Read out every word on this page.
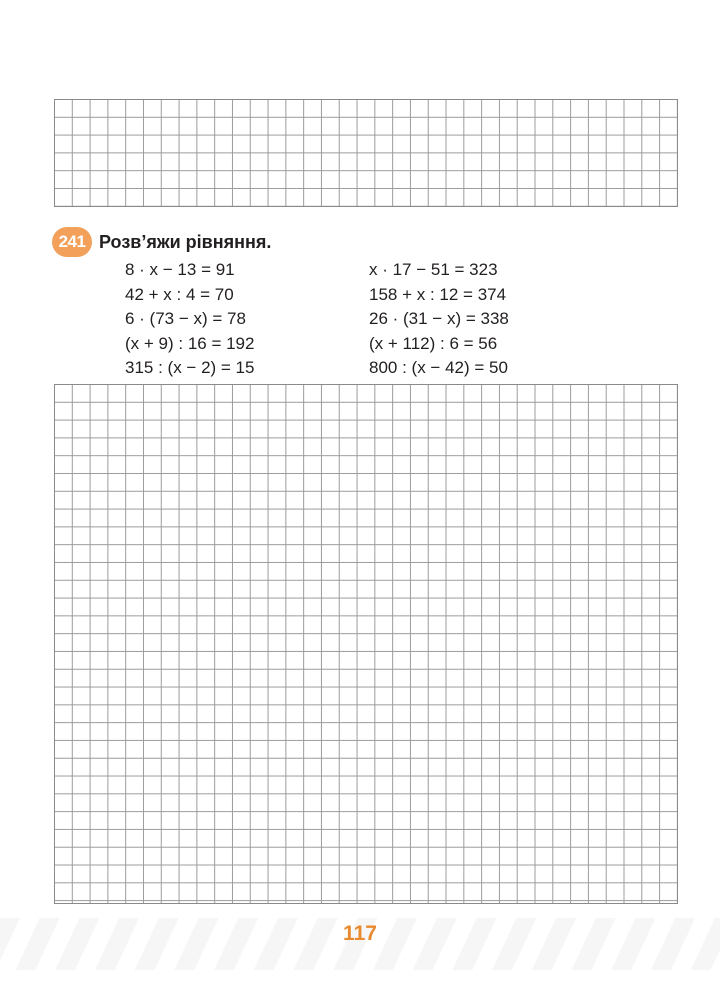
241 Розв’яжи рівняння.
8 · x − 13 = 91
42 + x : 4 = 70
6 · (73 − x) = 78
(x + 9) : 16 = 192
315 : (x − 2) = 15
x · 17 − 51 = 323
158 + x : 12 = 374
26 · (31 − x) = 338
(x + 112) : 6 = 56
800 : (x − 42) = 50
117
